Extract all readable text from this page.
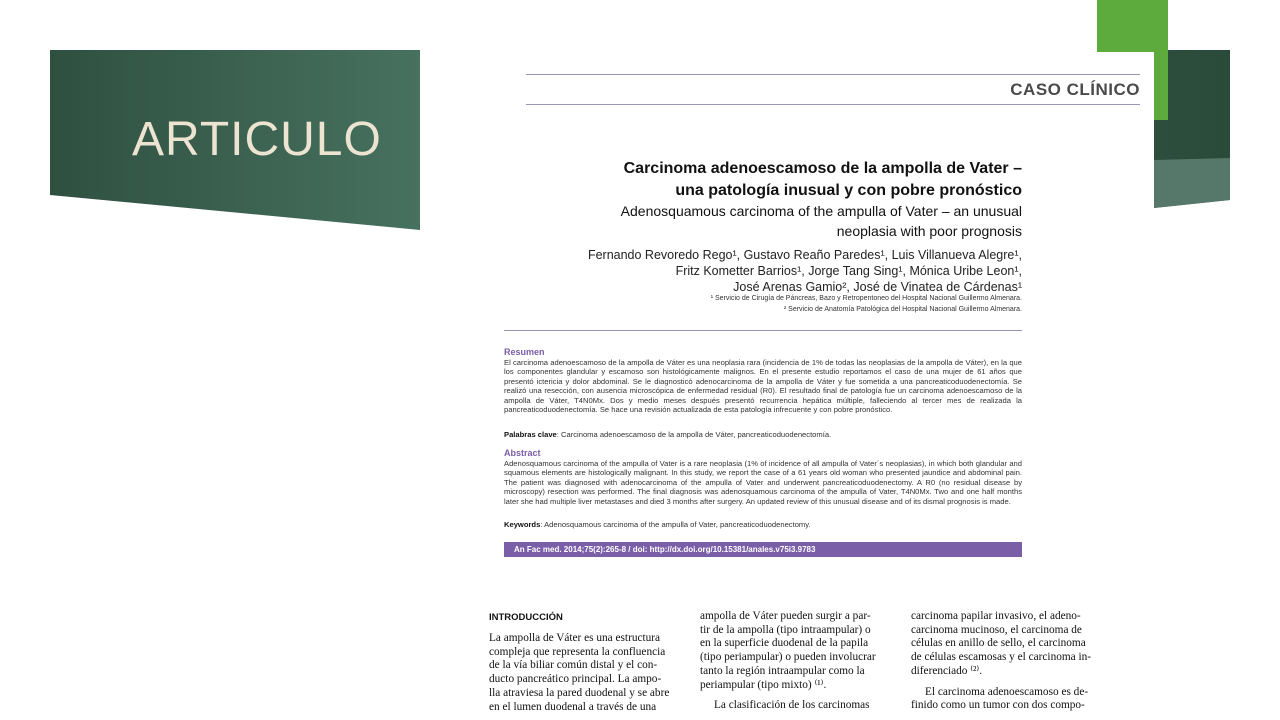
ARTICULO
CASO CLÍNICO
Carcinoma adenoescamoso de la ampolla de Vater –
una patología inusual y con pobre pronóstico
Adenosquamous carcinoma of the ampulla of Vater – an unusual
neoplasia with poor prognosis
Fernando Revoredo Rego¹, Gustavo Reaño Paredes¹, Luis Villanueva Alegre¹,
Fritz Kometter Barrios¹, Jorge Tang Sing¹, Mónica Uribe Leon¹,
José Arenas Gamio², José de Vinatea de Cárdenas¹
¹ Servicio de Cirugía de Páncreas, Bazo y Retropentoneo del Hospital Nacional Guillermo Almenara.
² Servicio de Anatomía Patológica del Hospital Nacional Guillermo Almenara.
Resumen

El carcinoma adenoescamoso de la ampolla de Váter es una neoplasia rara (incidencia de 1% de todas las neoplasias de la ampolla de Váter), en la que los componentes glandular y escamoso son histológicamente malignos. En el presente estudio reportamos el caso de una mujer de 61 años que presentó ictericia y dolor abdominal. Se le diagnosticó adenocarcinoma de la ampolla de Váter y fue sometida a una pancreaticoduodenectomía. Se realizó una resección, con ausencia microscópica de enfermedad residual (R0). El resultado final de patología fue un carcinoma adenoescamoso de la ampolla de Váter, T4N0Mx. Dos y medio meses después presentó recurrencia hepática múltiple, falleciendo al tercer mes de realizada la pancreaticoduodenectomía. Se hace una revisión actualizada de esta patología infrecuente y con pobre pronóstico.

Palabras clave: Carcinoma adenoescamoso de la ampolla de Váter, pancreaticoduodenectomía.
Abstract

Adenosquamous carcinoma of the ampulla of Vater is a rare neoplasia (1% of incidence of all ampulla of Vater´s neoplasias), in which both glandular and squamous elements are histologically malignant. In this study, we report the case of a 61 years old woman who presented jaundice and abdominal pain. The patient was diagnosed with adenocarcinoma of the ampulla of Vater and underwent pancreaticoduodenectomy. A R0 (no residual disease by microscopy) resection was performed. The final diagnosis was adenosquamous carcinoma of the ampulla of Vater, T4N0Mx. Two and one half months later she had multiple liver metastases and died 3 months after surgery. An updated review of this unusual disease and of its dismal prognosis is made.

Keywords: Adenosquamous carcinoma of the ampulla of Vater, pancreaticoduodenectomy.
An Fac med. 2014;75(2):265-8 / doi: http://dx.doi.org/10.15381/anales.v75i3.9783
INTRODUCCIÓN
La ampolla de Váter es una estructura
compleja que representa la confluencia
de la vía biliar común distal y el con-
ducto pancreático principal. La ampo-
lla atraviesa la pared duodenal y se abre
en el lumen duodenal a través de una
ampolla de Váter pueden surgir a par-
tir de la ampolla (tipo intraampular) o
en la superficie duodenal de la papila
(tipo periampular) o pueden involucrar
tanto la región intraampular como la
periampular (tipo mixto) ⁽¹⁾.
La clasificación de los carcinomas
carcinoma papilar invasivo, el adeno-
carcinoma mucinoso, el carcinoma de
células en anillo de sello, el carcinoma
de células escamosas y el carcinoma in-
diferenciado ⁽²⁾.
El carcinoma adenoescamoso es de-
finido como un tumor con dos compo-
